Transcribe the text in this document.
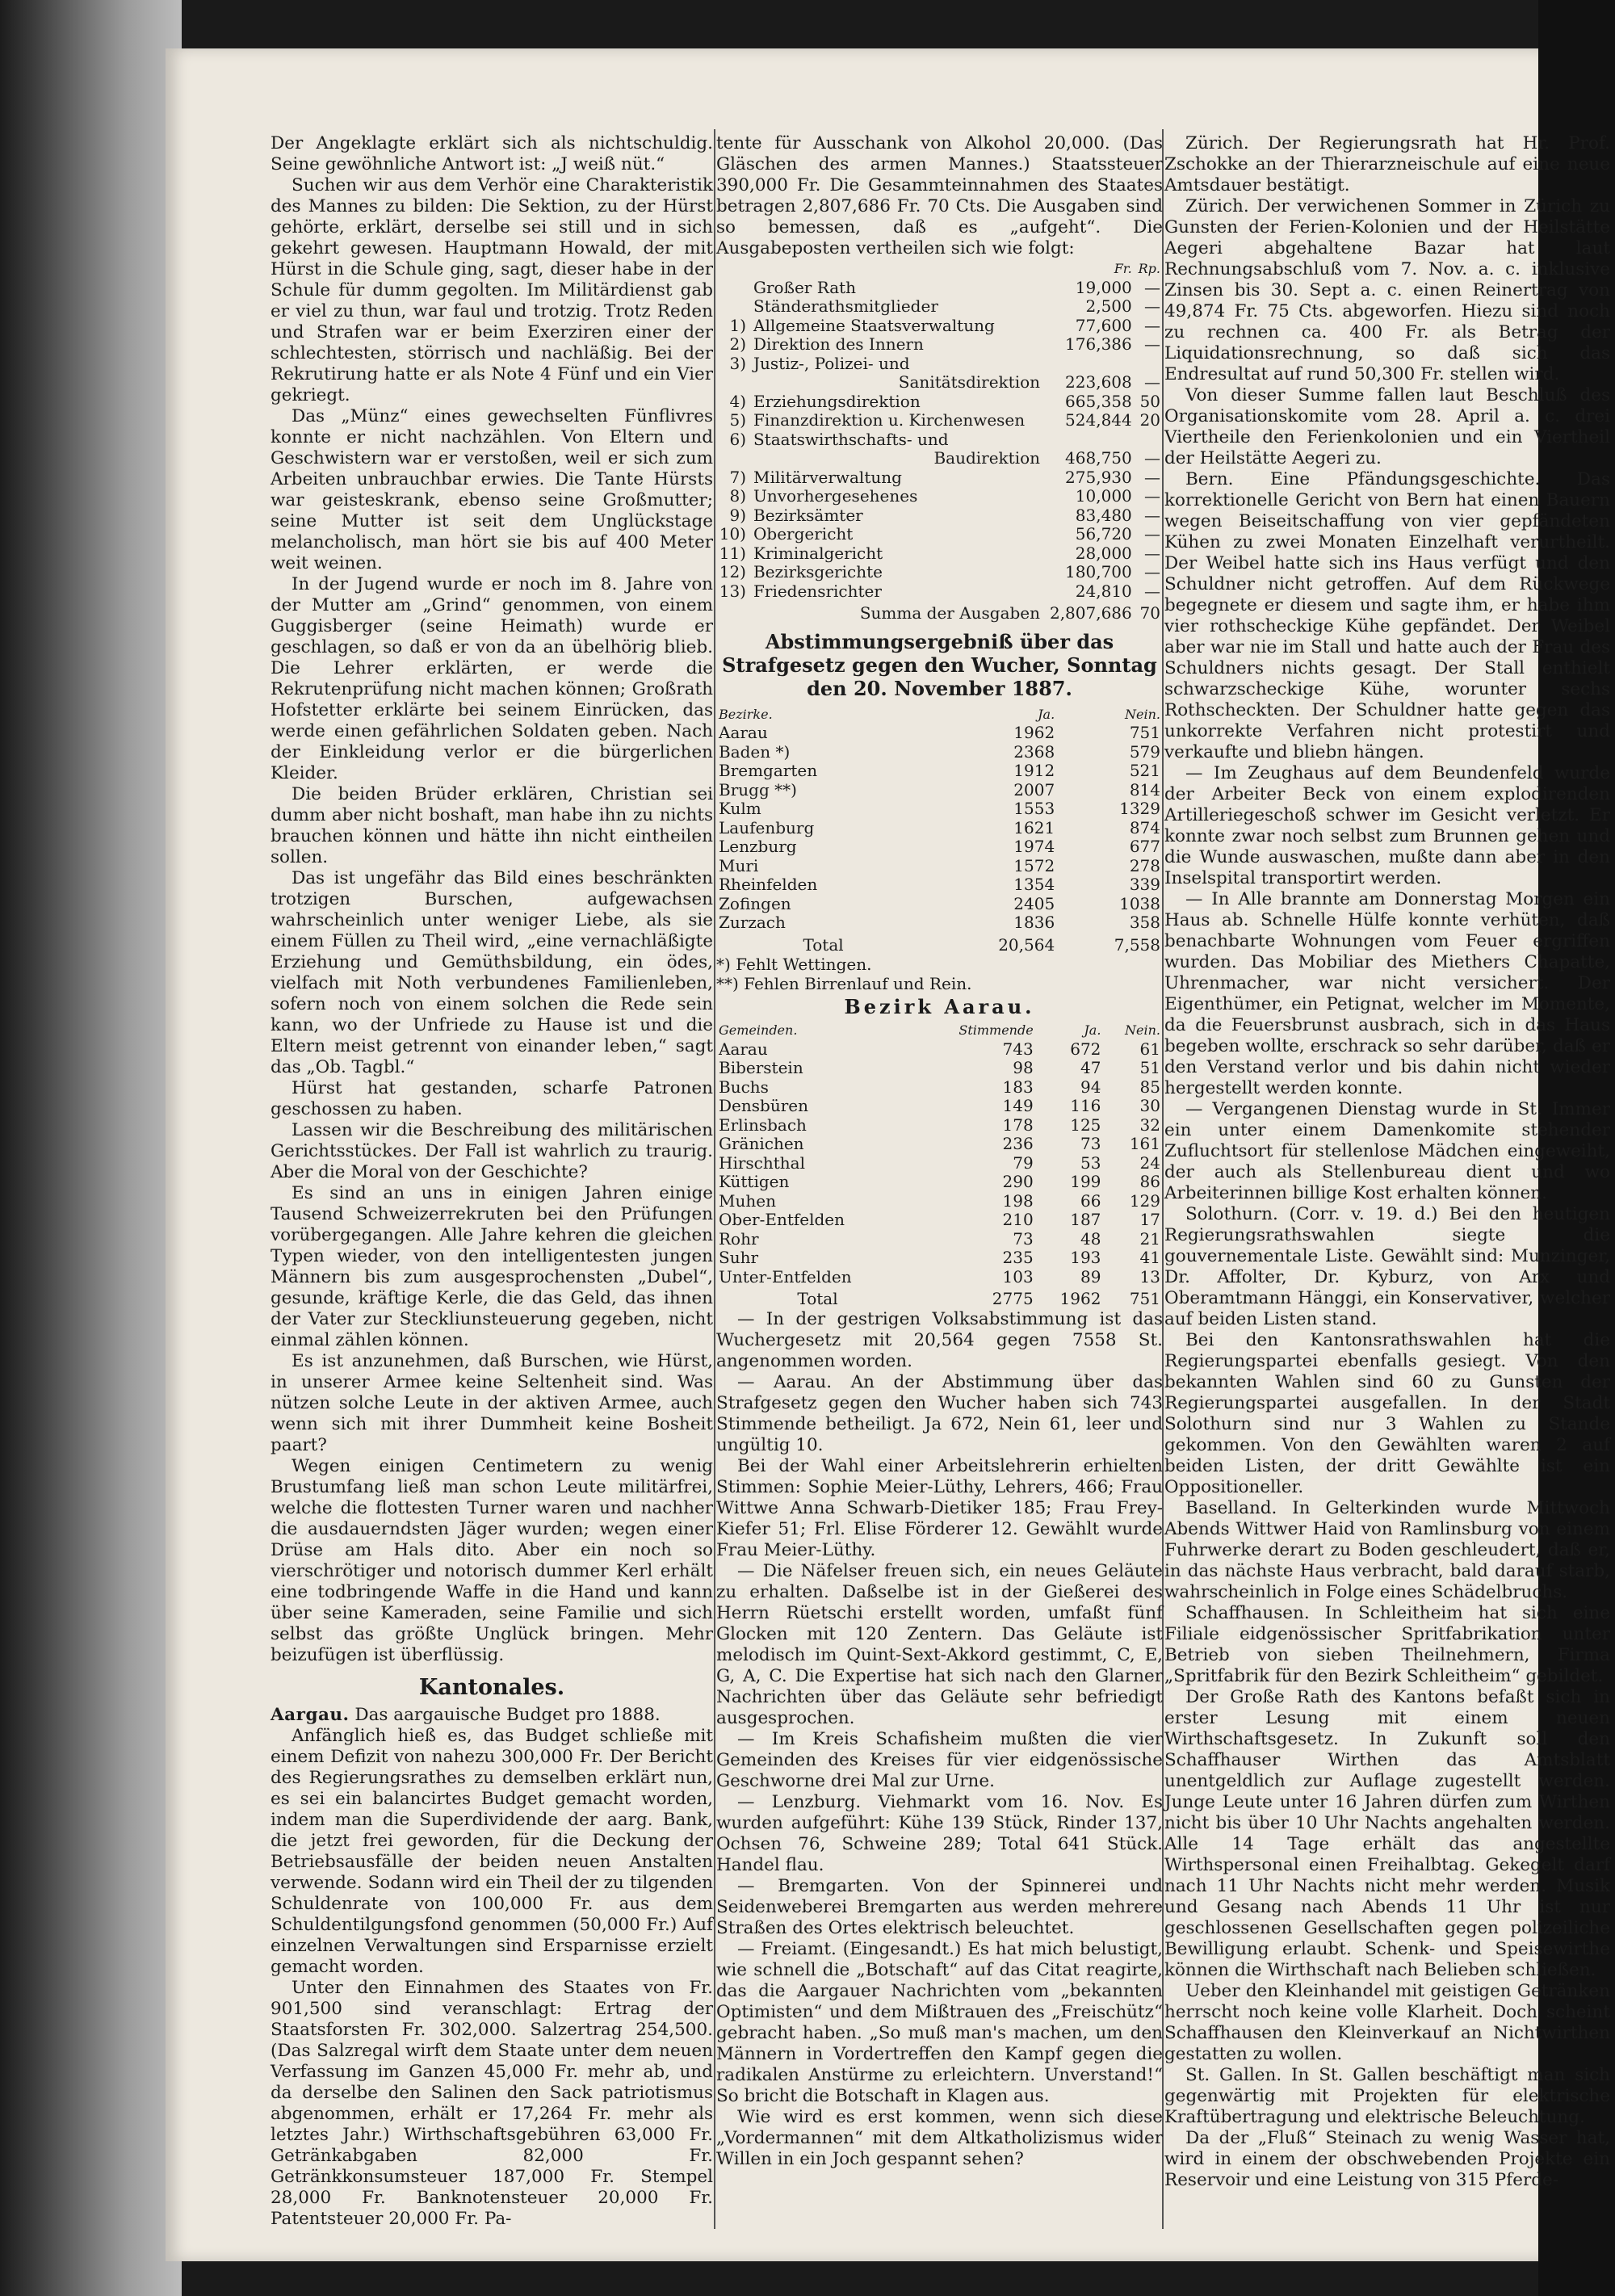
Der Angeklagte erklärt sich als nichtschuldig. Seine gewöhnliche Antwort ist: „J weiß nüt.“

Suchen wir aus dem Verhör eine Charakteristik des Mannes zu bilden: Die Sektion, zu der Hürst gehörte, erklärt, derselbe sei still und in sich gekehrt gewesen. Hauptmann Howald, der mit Hürst in die Schule ging, sagt, dieser habe in der Schule für dumm gegolten. Im Militärdienst gab er viel zu thun, war faul und trotzig. Trotz Reden und Strafen war er beim Exerziren einer der schlechtesten, störrisch und nachläßig. Bei der Rekrutirung hatte er als Note 4 Fünf und ein Vier gekriegt.

Das „Münz“ eines gewechselten Fünflivres konnte er nicht nachzählen. Von Eltern und Geschwistern war er verstoßen, weil er sich zum Arbeiten unbrauchbar erwies. Die Tante Hürsts war geisteskrank, ebenso seine Großmutter; seine Mutter ist seit dem Unglückstage melancholisch, man hört sie bis auf 400 Meter weit weinen.

In der Jugend wurde er noch im 8. Jahre von der Mutter am „Grind“ genommen, von einem Guggisberger (seine Heimath) wurde er geschlagen, so daß er von da an übelhörig blieb. Die Lehrer erklärten, er werde die Rekrutenprüfung nicht machen können; Großrath Hofstetter erklärte bei seinem Einrücken, das werde einen gefährlichen Soldaten geben. Nach der Einkleidung verlor er die bürgerlichen Kleider.

Die beiden Brüder erklären, Christian sei dumm aber nicht boshaft, man habe ihn zu nichts brauchen können und hätte ihn nicht eintheilen sollen.

Das ist ungefähr das Bild eines beschränkten trotzigen Burschen, aufgewachsen wahrscheinlich unter weniger Liebe, als sie einem Füllen zu Theil wird, „eine vernachläßigte Erziehung und Gemüthsbildung, ein ödes, vielfach mit Noth verbundenes Familienleben, sofern noch von einem solchen die Rede sein kann, wo der Unfriede zu Hause ist und die Eltern meist getrennt von einander leben,“ sagt das „Ob. Tagbl.“

Hürst hat gestanden, scharfe Patronen geschossen zu haben.

Lassen wir die Beschreibung des militärischen Gerichtsstückes. Der Fall ist wahrlich zu traurig. Aber die Moral von der Geschichte?

Es sind an uns in einigen Jahren einige Tausend Schweizerrekruten bei den Prüfungen vorübergegangen. Alle Jahre kehren die gleichen Typen wieder, von den intelligentesten jungen Männern bis zum ausgesprochensten „Dubel“, gesunde, kräftige Kerle, die das Geld, das ihnen der Vater zur Steckliunsteuerung gegeben, nicht einmal zählen können.

Es ist anzunehmen, daß Burschen, wie Hürst, in unserer Armee keine Seltenheit sind. Was nützen solche Leute in der aktiven Armee, auch wenn sich mit ihrer Dummheit keine Bosheit paart?

Wegen einigen Centimetern zu wenig Brustumfang ließ man schon Leute militärfrei, welche die flottesten Turner waren und nachher die ausdauerndsten Jäger wurden; wegen einer Drüse am Hals dito. Aber ein noch so vierschrötiger und notorisch dummer Kerl erhält eine todbringende Waffe in die Hand und kann über seine Kameraden, seine Familie und sich selbst das größte Unglück bringen. Mehr beizufügen ist überflüssig.

Kantonales.

Aargau. Das aargauische Budget pro 1888.

Anfänglich hieß es, das Budget schließe mit einem Defizit von nahezu 300,000 Fr. Der Bericht des Regierungsrathes zu demselben erklärt nun, es sei ein balancirtes Budget gemacht worden, indem man die Superdividende der aarg. Bank, die jetzt frei geworden, für die Deckung der Betriebsausfälle der beiden neuen Anstalten verwende. Sodann wird ein Theil der zu tilgenden Schuldenrate von 100,000 Fr. aus dem Schuldentilgungsfond genommen (50,000 Fr.) Auf einzelnen Verwaltungen sind Ersparnisse erzielt gemacht worden.

Unter den Einnahmen des Staates von Fr. 901,500 sind veranschlagt: Ertrag der Staatsforsten Fr. 302,000. Salzertrag 254,500. (Das Salzregal wirft dem Staate unter dem neuen Verfassung im Ganzen 45,000 Fr. mehr ab, und da derselbe den Salinen den Sack patriotismus abgenommen, erhält er 17,264 Fr. mehr als letztes Jahr.) Wirthschaftsgebühren 63,000 Fr. Getränkabgaben 82,000 Fr. Getränkkonsumsteuer 187,000 Fr. Stempel 28,000 Fr. Banknotensteuer 20,000 Fr. Patentsteuer 20,000 Fr. Pa-

tente für Ausschank von Alkohol 20,000. (Das Gläschen des armen Mannes.) Staatssteuer 390,000 Fr. Die Gesammteinnahmen des Staates betragen 2,807,686 Fr. 70 Cts. Die Ausgaben sind so bemessen, daß es „aufgeht“. Die Ausgabeposten vertheilen sich wie folgt:

		Fr.	Rp.
	Großer Rath	19,000	—
	Ständerathsmitglieder	2,500	—
1)	Allgemeine Staatsverwaltung	77,600	—
2)	Direktion des Innern	176,386	—
3)	Justiz-, Polizei- und		
	Sanitätsdirektion	223,608	—
4)	Erziehungsdirektion	665,358	50
5)	Finanzdirektion u. Kirchenwesen	524,844	20
6)	Staatswirthschafts- und		
	Baudirektion	468,750	—
7)	Militärverwaltung	275,930	—
8)	Unvorhergesehenes	10,000	—
9)	Bezirksämter	83,480	—
10)	Obergericht	56,720	—
11)	Kriminalgericht	28,000	—
12)	Bezirksgerichte	180,700	—
13)	Friedensrichter	24,810	—
	Summa der Ausgaben	2,807,686	70
Abstimmungsergebniß über das Strafgesetz gegen den Wucher, Sonntag den 20. November 1887.
Bezirke.	Ja.	Nein.
Aarau	1962	751
Baden *)	2368	579
Bremgarten	1912	521
Brugg **)	2007	814
Kulm	1553	1329
Laufenburg	1621	874
Lenzburg	1974	677
Muri	1572	278
Rheinfelden	1354	339
Zofingen	2405	1038
Zurzach	1836	358
Total	20,564	7,558
*) Fehlt Wettingen.
**) Fehlen Birrenlauf und Rein.
Bezirk Aarau.
Gemeinden.	Stimmende	Ja.	Nein.
Aarau	743	672	61
Biberstein	98	47	51
Buchs	183	94	85
Densbüren	149	116	30
Erlinsbach	178	125	32
Gränichen	236	73	161
Hirschthal	79	53	24
Küttigen	290	199	86
Muhen	198	66	129
Ober-Entfelden	210	187	17
Rohr	73	48	21
Suhr	235	193	41
Unter-Entfelden	103	89	13
Total	2775	1962	751

— In der gestrigen Volksabstimmung ist das Wuchergesetz mit 20,564 gegen 7558 St. angenommen worden.

— Aarau. An der Abstimmung über das Strafgesetz gegen den Wucher haben sich 743 Stimmende betheiligt. Ja 672, Nein 61, leer und ungültig 10.

Bei der Wahl einer Arbeitslehrerin erhielten Stimmen: Sophie Meier-Lüthy, Lehrers, 466; Frau Wittwe Anna Schwarb-Dietiker 185; Frau Frey-Kiefer 51; Frl. Elise Förderer 12. Gewählt wurde Frau Meier-Lüthy.

— Die Näfelser freuen sich, ein neues Geläute zu erhalten. Daßselbe ist in der Gießerei des Herrn Rüetschi erstellt worden, umfaßt fünf Glocken mit 120 Zentern. Das Geläute ist melodisch im Quint-Sext-Akkord gestimmt, C, E, G, A, C. Die Expertise hat sich nach den Glarner Nachrichten über das Geläute sehr befriedigt ausgesprochen.

— Im Kreis Schafisheim mußten die vier Gemeinden des Kreises für vier eidgenössische Geschworne drei Mal zur Urne.

— Lenzburg. Viehmarkt vom 16. Nov. Es wurden aufgeführt: Kühe 139 Stück, Rinder 137, Ochsen 76, Schweine 289; Total 641 Stück. Handel flau.

— Bremgarten. Von der Spinnerei und Seidenweberei Bremgarten aus werden mehrere Straßen des Ortes elektrisch beleuchtet.

— Freiamt. (Eingesandt.) Es hat mich belustigt, wie schnell die „Botschaft“ auf das Citat reagirte, das die Aargauer Nachrichten vom „bekannten Optimisten“ und dem Mißtrauen des „Freischütz“ gebracht haben. „So muß man's machen, um den Männern in Vordertreffen den Kampf gegen die radikalen Anstürme zu erleichtern. Unverstand!“ So bricht die Botschaft in Klagen aus.

Wie wird es erst kommen, wenn sich diese „Vordermannen“ mit dem Altkatholizismus wider Willen in ein Joch gespannt sehen?

Zürich. Der Regierungsrath hat Hr. Prof. Zschokke an der Thierarzneischule auf eine neue Amtsdauer bestätigt.

Zürich. Der verwichenen Sommer in Zürich zu Gunsten der Ferien-Kolonien und der Heilstätte Aegeri abgehaltene Bazar hat laut Rechnungsabschluß vom 7. Nov. a. c. inklusive Zinsen bis 30. Sept a. c. einen Reinertrag von 49,874 Fr. 75 Cts. abgeworfen. Hiezu sind noch zu rechnen ca. 400 Fr. als Betrag der Liquidationsrechnung, so daß sich das Endresultat auf rund 50,300 Fr. stellen wird.

Von dieser Summe fallen laut Beschluß des Organisationskomite vom 28. April a. c. drei Viertheile den Ferienkolonien und ein Viertheil der Heilstätte Aegeri zu.

Bern. Eine Pfändungsgeschichte. Das korrektionelle Gericht von Bern hat einen Bauern wegen Beiseitschaffung von vier gepfändeten Kühen zu zwei Monaten Einzelhaft verurtheilt. Der Weibel hatte sich ins Haus verfügt und den Schuldner nicht getroffen. Auf dem Rückwege begegnete er diesem und sagte ihm, er habe ihm vier rothscheckige Kühe gepfändet. Der Weibel aber war nie im Stall und hatte auch der Frau des Schuldners nichts gesagt. Der Stall enthielt schwarzscheckige Kühe, worunter sechs Rothscheckten. Der Schuldner hatte gegen das unkorrekte Verfahren nicht protestirt und verkaufte und bliebn hängen.

— Im Zeughaus auf dem Beundenfeld wurde der Arbeiter Beck von einem explodirenden Artilleriegeschoß schwer im Gesicht verletzt. Er konnte zwar noch selbst zum Brunnen gehen und die Wunde auswaschen, mußte dann aber in den Inselspital transportirt werden.

— In Alle brannte am Donnerstag Morgen ein Haus ab. Schnelle Hülfe konnte verhüten, daß benachbarte Wohnungen vom Feuer ergriffen wurden. Das Mobiliar des Miethers Chapatte, Uhrenmacher, war nicht versichert. Der Eigenthümer, ein Petignat, welcher im Momente, da die Feuersbrunst ausbrach, sich in das Haus begeben wollte, erschrack so sehr darüber, daß er den Verstand verlor und bis dahin nicht wieder hergestellt werden konnte.

— Vergangenen Dienstag wurde in St. Immer ein unter einem Damenkomite stehender Zufluchtsort für stellenlose Mädchen eingeweiht, der auch als Stellenbureau dient und wo Arbeiterinnen billige Kost erhalten können.

Solothurn. (Corr. v. 19. d.) Bei den heutigen Regierungsrathswahlen siegte die gouvernementale Liste. Gewählt sind: Munzinger, Dr. Affolter, Dr. Kyburz, von Arx und Oberamtmann Hänggi, ein Konservativer, welcher auf beiden Listen stand.

Bei den Kantonsrathswahlen hat die Regierungspartei ebenfalls gesiegt. Von den bekannten Wahlen sind 60 zu Gunsten der Regierungspartei ausgefallen. In der Stadt Solothurn sind nur 3 Wahlen zu Stande gekommen. Von den Gewählten waren 2 auf beiden Listen, der dritt Gewählte ist ein Oppositioneller.

Baselland. In Gelterkinden wurde Mittwoch Abends Wittwer Haid von Ramlinsburg von einem Fuhrwerke derart zu Boden geschleudert, daß er, in das nächste Haus verbracht, bald darauf starb, wahrscheinlich in Folge eines Schädelbruchs.

Schaffhausen. In Schleitheim hat sich eine Filiale eidgenössischer Spritfabrikation unter Betrieb von sieben Theilnehmern, Firma „Spritfabrik für den Bezirk Schleitheim“ gebildet.

Der Große Rath des Kantons befaßt sich in erster Lesung mit einem neuen Wirthschaftsgesetz. In Zukunft soll den Schaffhauser Wirthen das Amtsblatt unentgeldlich zur Auflage zugestellt werden. Junge Leute unter 16 Jahren dürfen zum Wirthen nicht bis über 10 Uhr Nachts angehalten werden. Alle 14 Tage erhält das angestellte Wirthspersonal einen Freihalbtag. Gekegelt darf nach 11 Uhr Nachts nicht mehr werden. Musik und Gesang nach Abends 11 Uhr ist nur geschlossenen Gesellschaften gegen polizeiliche Bewilligung erlaubt. Schenk- und Speisewirthe können die Wirthschaft nach Belieben schließen.

Ueber den Kleinhandel mit geistigen Getränken herrscht noch keine volle Klarheit. Doch scheint Schaffhausen den Kleinverkauf an Nichtwirthen gestatten zu wollen.

St. Gallen. In St. Gallen beschäftigt man sich gegenwärtig mit Projekten für elektrische Kraftübertragung und elektrische Beleuchtung.

Da der „Fluß“ Steinach zu wenig Wasser hat, wird in einem der obschwebenden Projekte ein Reservoir und eine Leistung von 315 Pferde-
